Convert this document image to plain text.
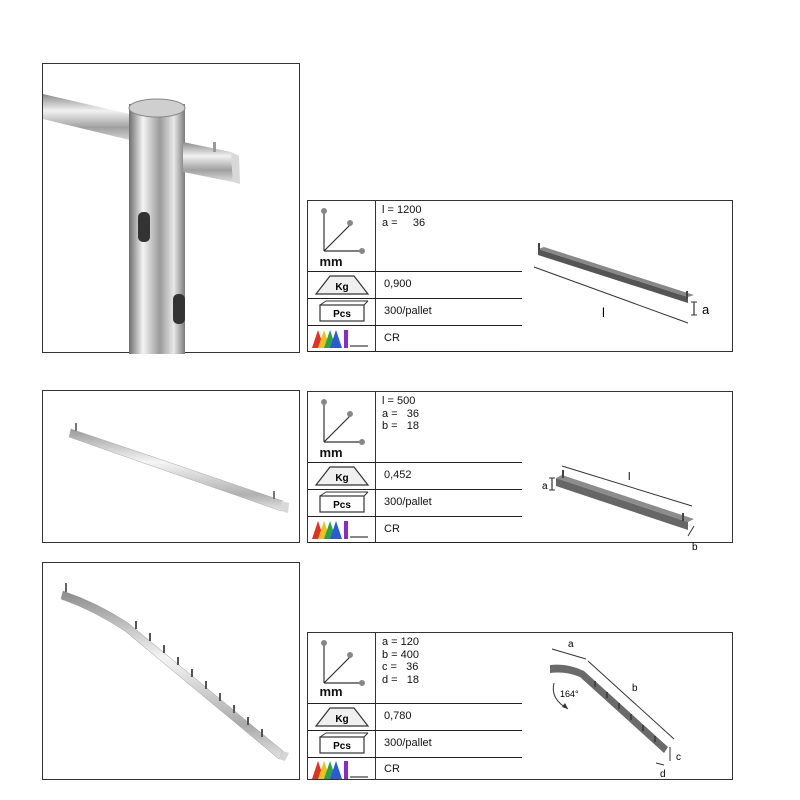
mm
Kg
Pcs
l = 1200
a =     36
0,900
300/pallet
CR
l	a
mm
Kg
Pcs
l = 500
a =   36
b =   18
0,452
300/pallet
CR
l
a
b
mm
Kg
Pcs
a = 120
b = 400
c =   36
d =   18
0,780
300/pallet
CR
a
b
164°
c
d
